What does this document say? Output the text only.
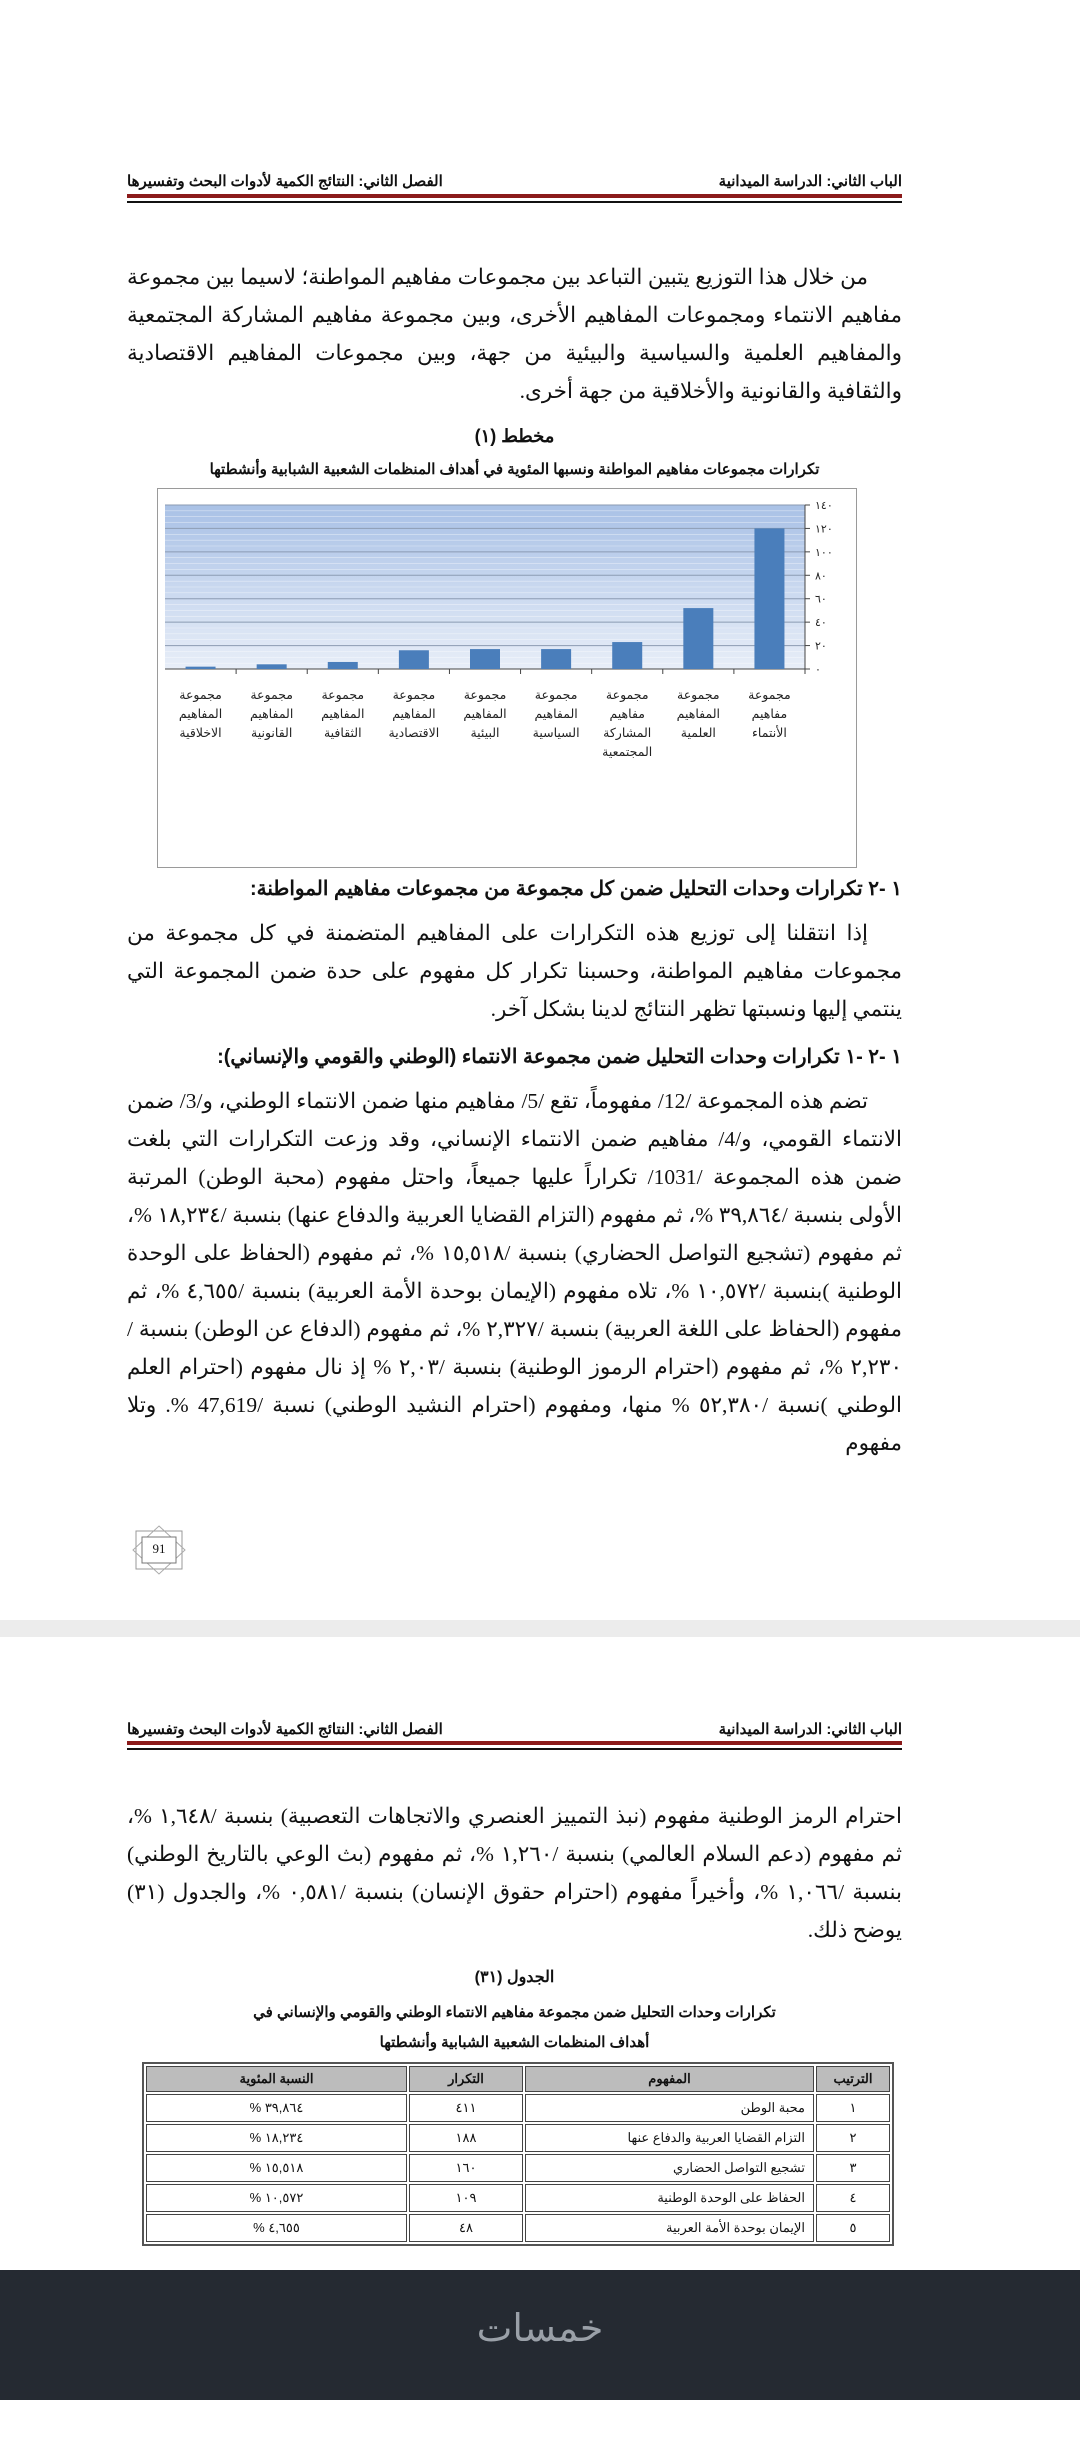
الباب الثاني: الدراسة الميدانية
الفصل الثاني: النتائج الكمية لأدوات البحث وتفسيرها

من خلال هذا التوزيع يتبين التباعد بين مجموعات مفاهيم المواطنة؛ لاسيما بين مجموعة مفاهيم الانتماء ومجموعات المفاهيم الأخرى، وبين مجموعة مفاهيم المشاركة المجتمعية والمفاهيم العلمية والسياسية والبيئية من جهة، وبين مجموعات المفاهيم الاقتصادية والثقافية والقانونية والأخلاقية من جهة أخرى.

مخطط (١)
تكرارات مجموعات مفاهيم المواطنة ونسبها المئوية في أهداف المنظمات الشعبية الشبابية وأنشطتها
٠
٢٠
٤٠
٦٠
٨٠
١٠٠
١٢٠
١٤٠
مجموعة مفاهيم الأنتماء
مجموعة المفاهيم العلمية
مجموعة مفاهيم المشاركة المجتمعية
مجموعة المفاهيم السياسية
مجموعة المفاهيم البيئية
مجموعة المفاهيم الاقتصادية
مجموعة المفاهيم الثقافية
مجموعة المفاهيم القانونية
مجموعة المفاهيم الاخلاقية
١ -٢ تكرارات وحدات التحليل ضمن كل مجموعة من مجموعات مفاهيم المواطنة:

إذا انتقلنا إلى توزيع هذه التكرارات على المفاهيم المتضمنة في كل مجموعة من مجموعات مفاهيم المواطنة، وحسبنا تكرار كل مفهوم على حدة ضمن المجموعة التي ينتمي إليها ونسبتها تظهر النتائج لدينا بشكل آخر.

١ -٢ -١ تكرارات وحدات التحليل ضمن مجموعة الانتماء (الوطني والقومي والإنساني):

تضم هذه المجموعة /12/ مفهوماً، تقع /5/ مفاهيم منها ضمن الانتماء الوطني، و/3/ ضمن الانتماء القومي، و/4/ مفاهيم ضمن الانتماء الإنساني، وقد وزعت التكرارات التي بلغت ضمن هذه المجموعة /1031/ تكراراً عليها جميعاً، واحتل مفهوم (محبة الوطن) المرتبة الأولى بنسبة /٣٩,٨٦٤ %، ثم مفهوم (التزام القضايا العربية والدفاع عنها) بنسبة /١٨,٢٣٤ %، ثم مفهوم (تشجيع التواصل الحضاري) بنسبة /١٥,٥١٨ %، ثم مفهوم (الحفاظ على الوحدة الوطنية )بنسبة /١٠,٥٧٢ %، تلاه مفهوم (الإيمان بوحدة الأمة العربية) بنسبة /٤,٦٥٥ %، ثم مفهوم (الحفاظ على اللغة العربية) بنسبة /٢,٣٢٧ %، ثم مفهوم (الدفاع عن الوطن) بنسبة /٢,٢٣٠ %، ثم مفهوم (احترام الرموز الوطنية) بنسبة /٢,٠٣ % إذ نال مفهوم (احترام العلم الوطني )نسبة /٥٢,٣٨٠ % منها، ومفهوم (احترام النشيد الوطني) نسبة /47,619 %. وتلا مفهوم

91
الباب الثاني: الدراسة الميدانية
الفصل الثاني: النتائج الكمية لأدوات البحث وتفسيرها

احترام الرمز الوطنية مفهوم (نبذ التمييز العنصري والاتجاهات التعصبية) بنسبة /١,٦٤٨ %، ثم مفهوم (دعم السلام العالمي) بنسبة /١,٢٦٠ %، ثم مفهوم (بث الوعي بالتاريخ الوطني) بنسبة /١,٠٦٦ %، وأخيراً مفهوم (احترام حقوق الإنسان) بنسبة /٠,٥٨١ %، والجدول (٣١) يوضح ذلك.

الجدول (٣١)
تكرارات وحدات التحليل ضمن مجموعة مفاهيم الانتماء الوطني والقومي والإنساني في
أهداف المنظمات الشعبية الشبابية وأنشطتها
الترتيب	المفهوم	التكرار	النسبة المئوية
١	محبة الوطن	٤١١	٣٩,٨٦٤ %
٢	التزام القضايا العربية والدفاع عنها	١٨٨	١٨,٢٣٤ %
٣	تشجيع التواصل الحضاري	١٦٠	١٥,٥١٨ %
٤	الحفاظ على الوحدة الوطنية	١٠٩	١٠,٥٧٢ %
٥	الإيمان بوحدة الأمة العربية	٤٨	٤,٦٥٥ %
خمسات
